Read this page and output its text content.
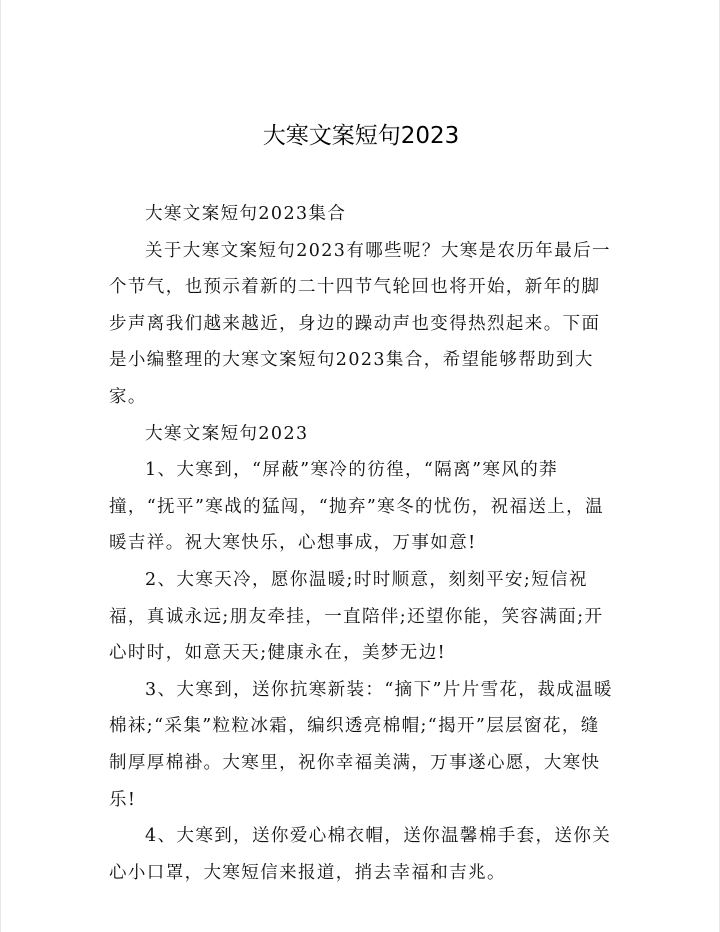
大寒文案短句2023

大寒文案短句2023集合

关于大寒文案短句2023有哪些呢？大寒是农历年最后一个节气，也预示着新的二十四节气轮回也将开始，新年的脚步声离我们越来越近，身边的躁动声也变得热烈起来。下面是小编整理的大寒文案短句2023集合，希望能够帮助到大家。

大寒文案短句2023

1、大寒到，“屏蔽”寒冷的彷徨，“隔离”寒风的莽撞，“抚平”寒战的猛闯，“抛弃”寒冬的忧伤，祝福送上，温暖吉祥。祝大寒快乐，心想事成，万事如意!

2、大寒天冷，愿你温暖;时时顺意，刻刻平安;短信祝福，真诚永远;朋友牵挂，一直陪伴;还望你能，笑容满面;开心时时，如意天天;健康永在，美梦无边!

3、大寒到，送你抗寒新装：“摘下”片片雪花，裁成温暖棉袜;“采集”粒粒冰霜，编织透亮棉帽;“揭开”层层窗花，缝制厚厚棉褂。大寒里，祝你幸福美满，万事遂心愿，大寒快乐!

4、大寒到，送你爱心棉衣帽，送你温馨棉手套，送你关心小口罩，大寒短信来报道，捎去幸福和吉兆。
